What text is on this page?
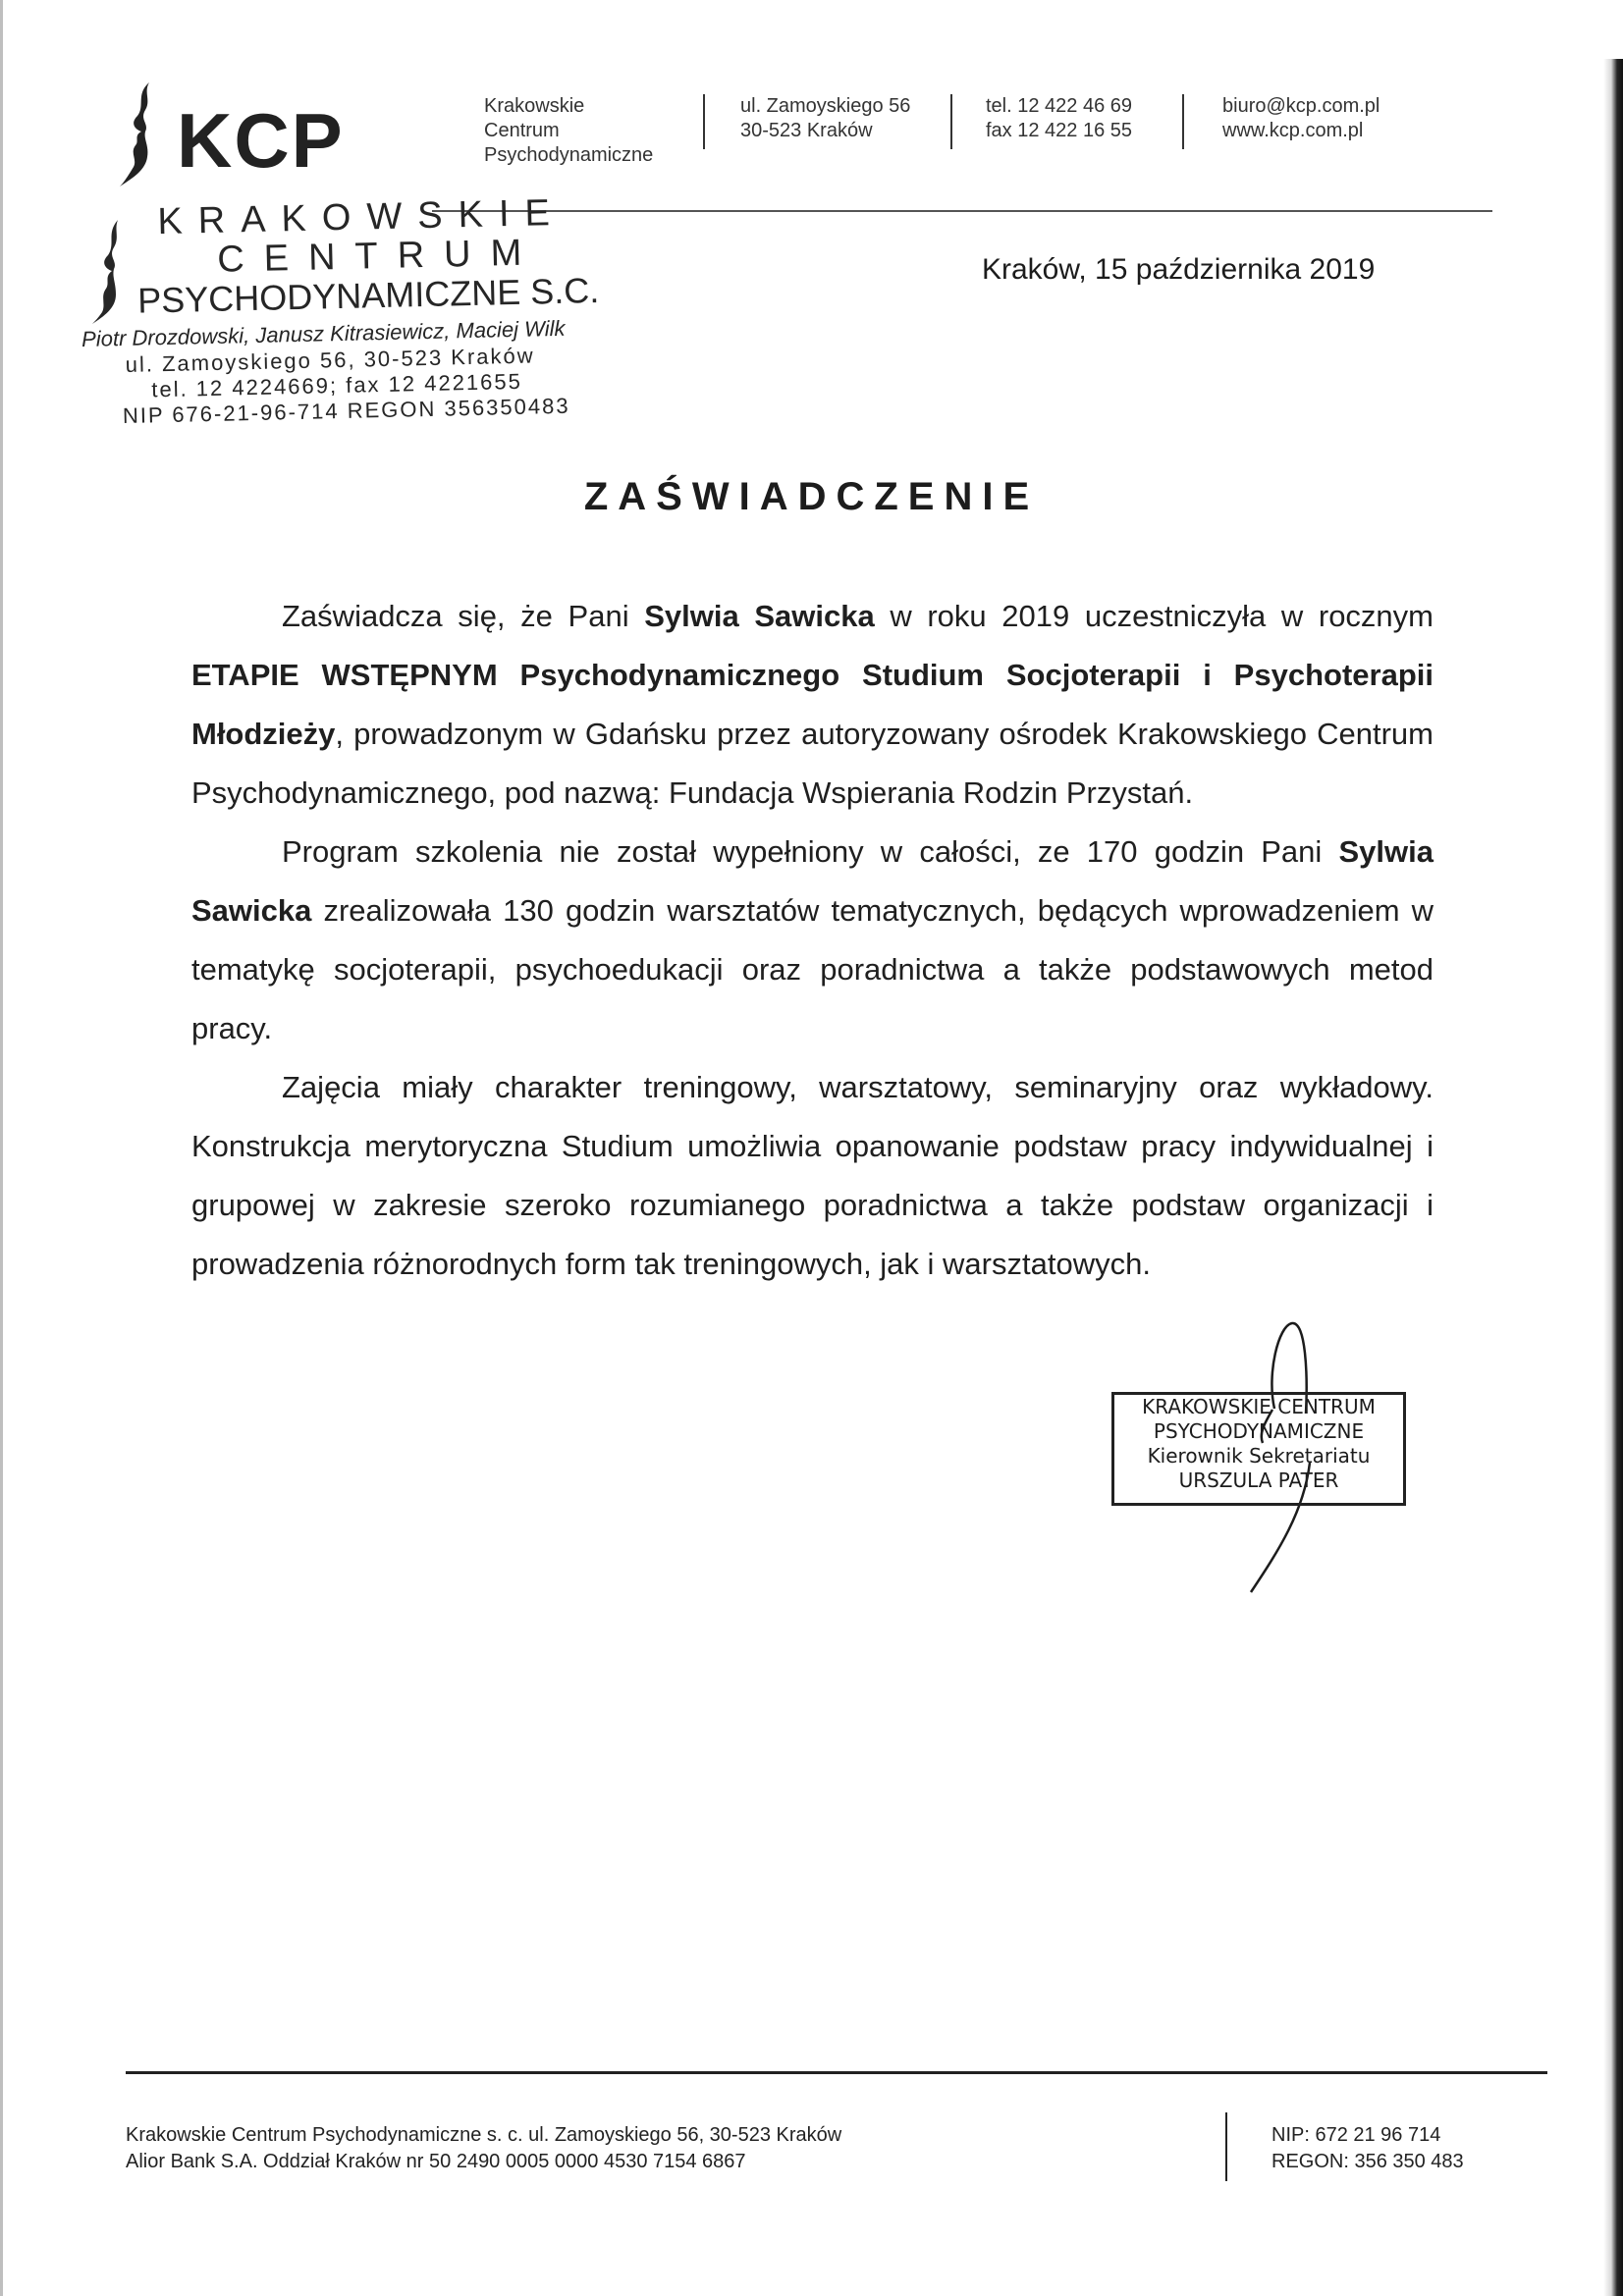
KCP	Krakowskie
Centrum
Psychodynamiczne
ul. Zamoyskiego 56
30-523 Kraków
tel. 12 422 46 69
fax 12 422 16 55
biuro@kcp.com.pl
www.kcp.com.pl
KRAKOWSKIE
CENTRUM
PSYCHODYNAMICZNE S.C.
Piotr Drozdowski, Janusz Kitrasiewicz, Maciej Wilk
ul. Zamoyskiego 56, 30-523 Kraków
tel. 12 4224669; fax 12 4221655
NIP 676-21-96-714 REGON 356350483
Kraków, 15 października 2019
ZAŚWIADCZENIE

Zaświadcza się, że Pani Sylwia Sawicka w roku 2019 uczestniczyła w rocznym ETAPIE WSTĘPNYM Psychodynamicznego Studium Socjoterapii i Psychoterapii Młodzieży, prowadzonym w Gdańsku przez autoryzowany ośrodek Krakowskiego Centrum Psychodynamicznego, pod nazwą: Fundacja Wspierania Rodzin Przystań.

Program szkolenia nie został wypełniony w całości, ze 170 godzin Pani Sylwia Sawicka zrealizowała 130 godzin warsztatów tematycznych, będących wprowadzeniem w tematykę socjoterapii, psychoedukacji oraz poradnictwa a także podstawowych metod pracy.

Zajęcia miały charakter treningowy, warsztatowy, seminaryjny oraz wykładowy. Konstrukcja merytoryczna Studium umożliwia opanowanie podstaw pracy indywidualnej i grupowej w zakresie szeroko rozumianego poradnictwa a także podstaw organizacji i prowadzenia różnorodnych form tak treningowych, jak i warsztatowych.

KRAKOWSKIE CENTRUM
PSYCHODYNAMICZNE
Kierownik Sekretariatu
URSZULA PATER
Krakowskie Centrum Psychodynamiczne s. c. ul. Zamoyskiego 56, 30-523 Kraków
Alior Bank S.A. Oddział Kraków nr 50 2490 0005 0000 4530 7154 6867
NIP: 672 21 96 714
REGON: 356 350 483
